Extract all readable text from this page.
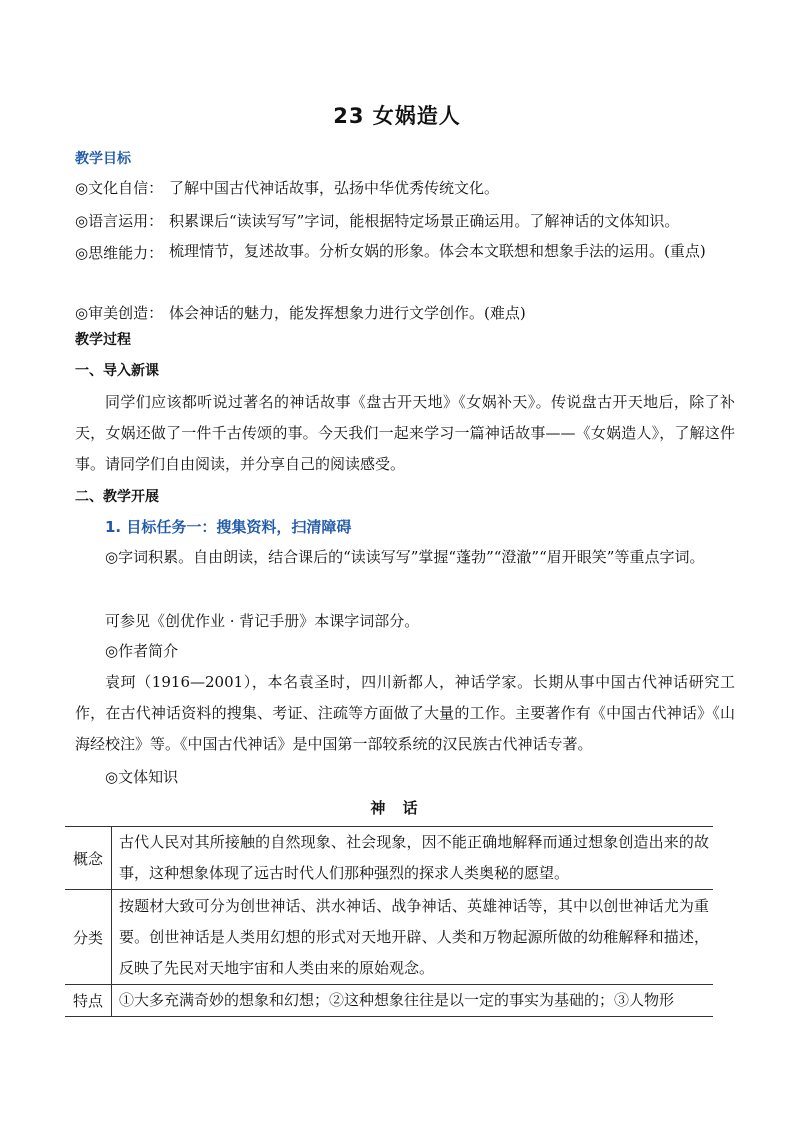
23 女娲造人
教学目标
◎文化自信： 了解中国古代神话故事，弘扬中华优秀传统文化。
◎语言运用： 积累课后“读读写写”字词，能根据特定场景正确运用。了解神话的文体知识。
◎思维能力： 梳理情节，复述故事。分析女娲的形象。体会本文联想和想象手法的运用。(重点)
◎审美创造： 体会神话的魅力，能发挥想象力进行文学创作。(难点)
教学过程
一、导入新课
同学们应该都听说过著名的神话故事《盘古开天地》《女娲补天》。传说盘古开天地后，除了补天，女娲还做了一件千古传颂的事。今天我们一起来学习一篇神话故事——《女娲造人》，了解这件事。请同学们自由阅读，并分享自己的阅读感受。
二、教学开展
1. 目标任务一：搜集资料，扫清障碍
◎字词积累。自由朗读，结合课后的“读读写写”掌握“蓬勃”“澄澈”“眉开眼笑”等重点字词。
可参见《创优作业 · 背记手册》本课字词部分。
◎作者简介
袁珂（1916—2001），本名袁圣时，四川新都人，神话学家。长期从事中国古代神话研究工作，在古代神话资料的搜集、考证、注疏等方面做了大量的工作。主要著作有《中国古代神话》《山海经校注》等。《中国古代神话》是中国第一部较系统的汉民族古代神话专著。
◎文体知识
神 话
概念	古代人民对其所接触的自然现象、社会现象，因不能正确地解释而通过想象创造出来的故事，这种想象体现了远古时代人们那种强烈的探求人类奥秘的愿望。
分类	按题材大致可分为创世神话、洪水神话、战争神话、英雄神话等，其中以创世神话尤为重要。创世神话是人类用幻想的形式对天地开辟、人类和万物起源所做的幼稚解释和描述，反映了先民对天地宇宙和人类由来的原始观念。
特点	①大多充满奇妙的想象和幻想；②这种想象往往是以一定的事实为基础的；③人物形
